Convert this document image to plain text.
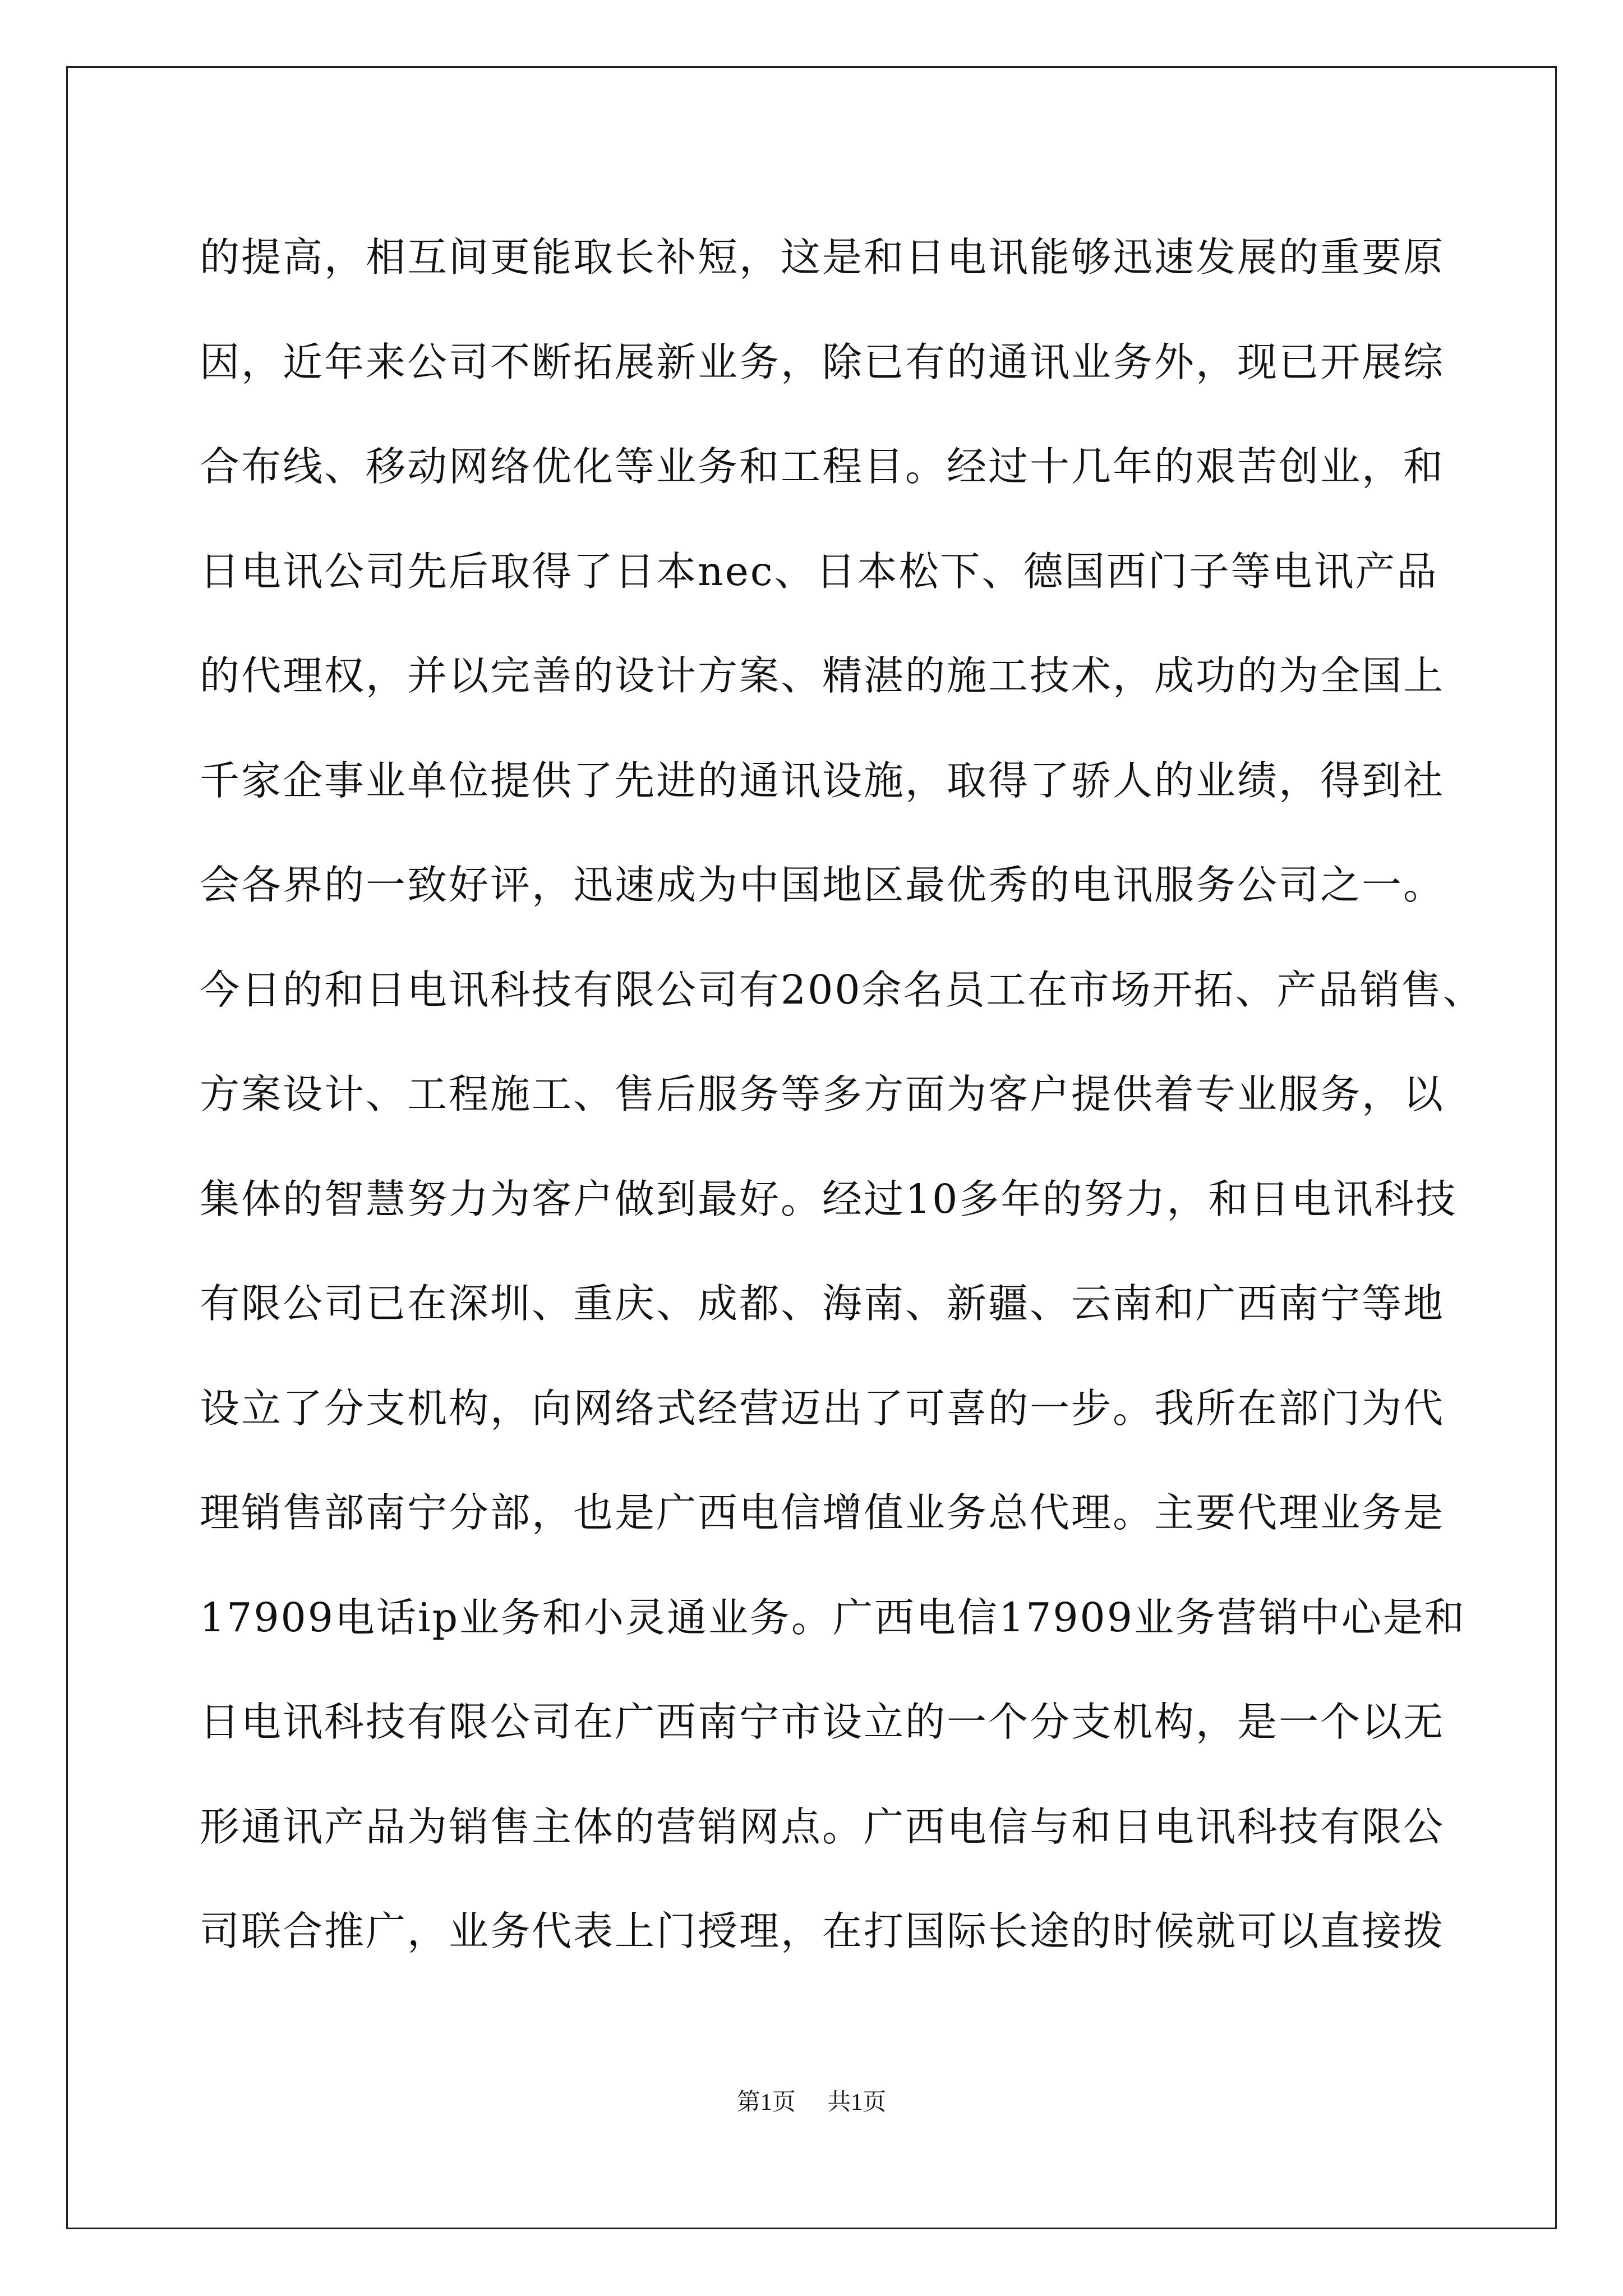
的提高，相互间更能取长补短，这是和日电讯能够迅速发展的重要原
因，近年来公司不断拓展新业务，除已有的通讯业务外，现已开展综
合布线、移动网络优化等业务和工程目。经过十几年的艰苦创业，和
日电讯公司先后取得了日本nec、日本松下、德国西门子等电讯产品
的代理权，并以完善的设计方案、精湛的施工技术，成功的为全国上
千家企事业单位提供了先进的通讯设施，取得了骄人的业绩，得到社
会各界的一致好评，迅速成为中国地区最优秀的电讯服务公司之一。
今日的和日电讯科技有限公司有200余名员工在市场开拓、产品销售、
方案设计、工程施工、售后服务等多方面为客户提供着专业服务，以
集体的智慧努力为客户做到最好。经过10多年的努力，和日电讯科技
有限公司已在深圳、重庆、成都、海南、新疆、云南和广西南宁等地
设立了分支机构，向网络式经营迈出了可喜的一步。我所在部门为代
理销售部南宁分部，也是广西电信增值业务总代理。主要代理业务是
17909电话ip业务和小灵通业务。广西电信17909业务营销中心是和
日电讯科技有限公司在广西南宁市设立的一个分支机构，是一个以无
形通讯产品为销售主体的营销网点。广西电信与和日电讯科技有限公
司联合推广，业务代表上门授理，在打国际长途的时候就可以直接拨
第1页 共1页
